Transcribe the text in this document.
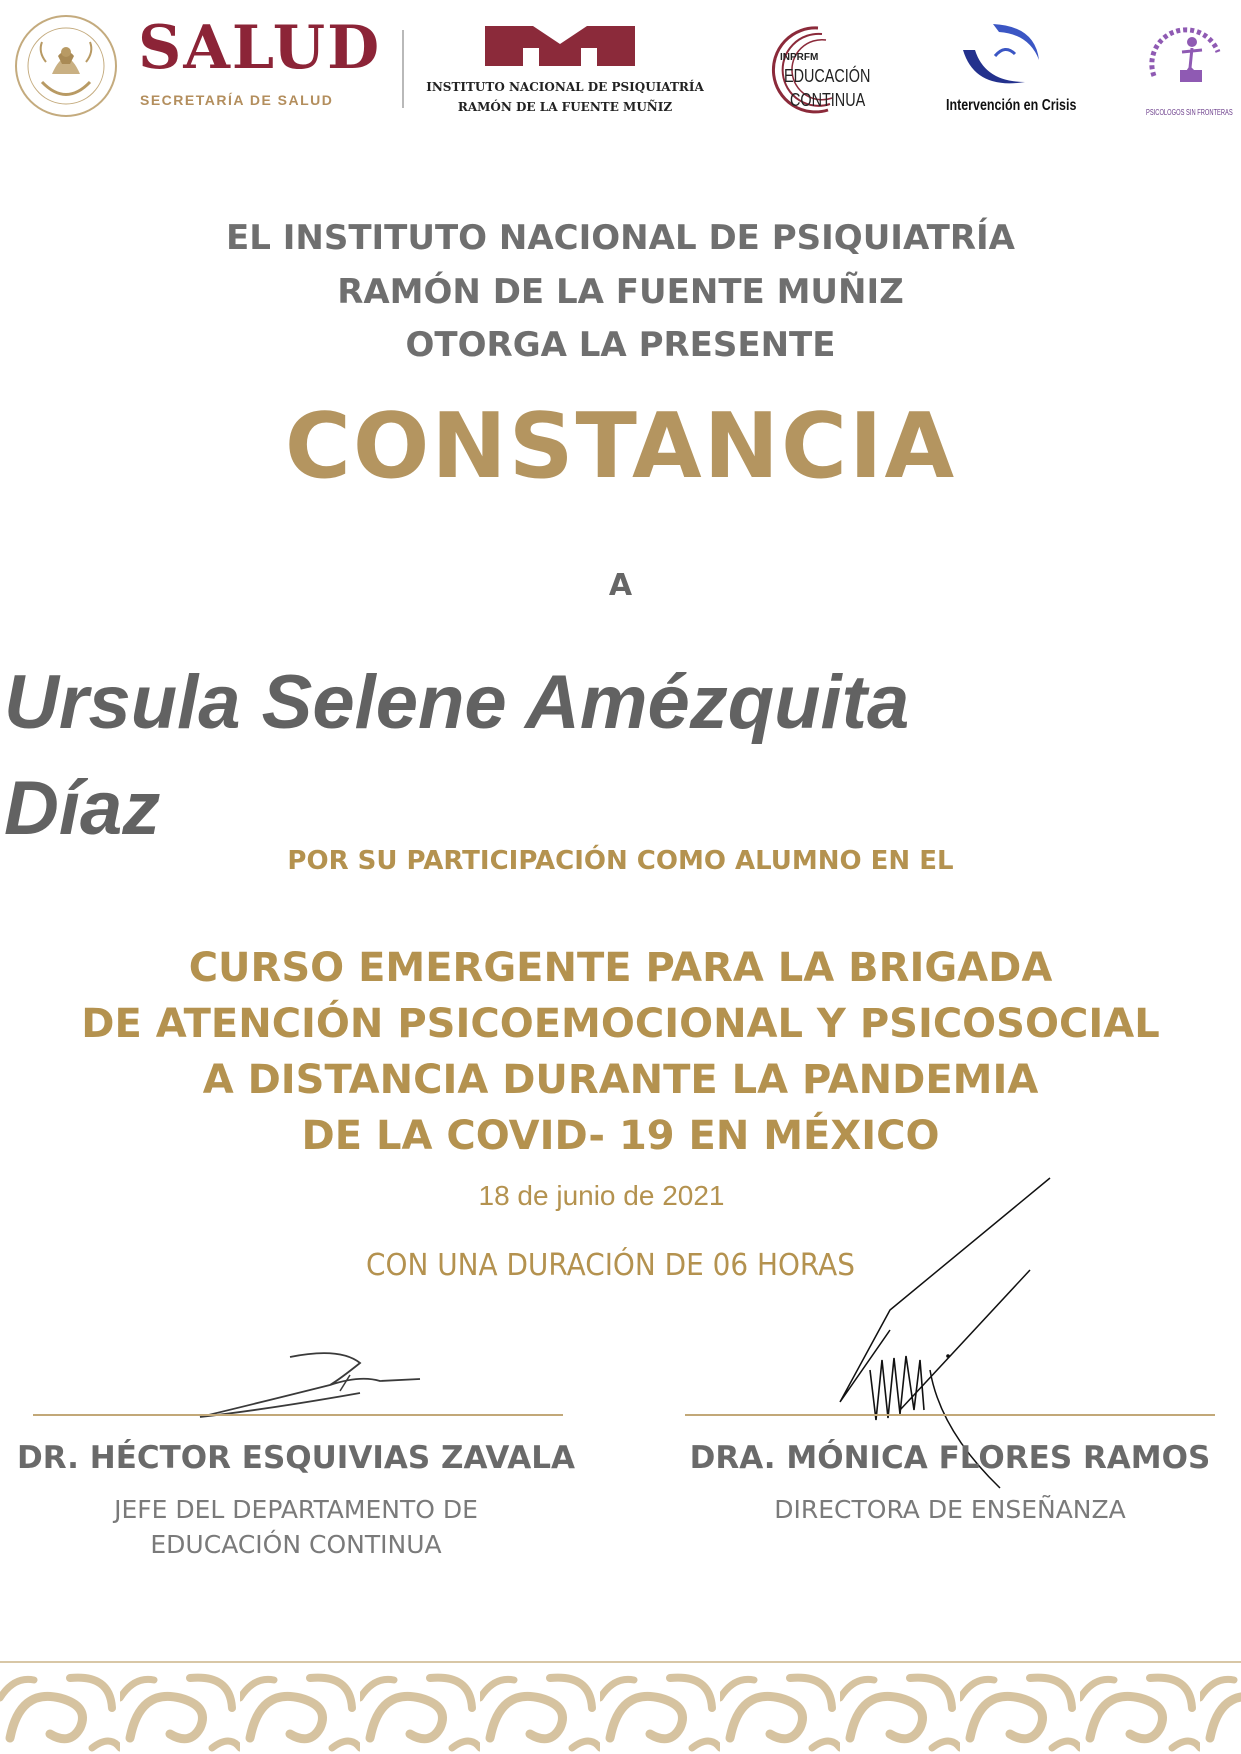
SALUD
SECRETARÍA DE SALUD
INSTITUTO NACIONAL DE PSIQUIATRÍA
RAMÓN DE LA FUENTE MUÑIZ
INPRFM
EDUCACIÓN
CONTINUA	Intervención en Crisis	PSICOLOGOS SIN FRONTERAS
EL INSTITUTO NACIONAL DE PSIQUIATRÍA
RAMÓN DE LA FUENTE MUÑIZ
OTORGA LA PRESENTE
CONSTANCIA
A
Ursula Selene Amézquita Díaz
POR SU PARTICIPACIÓN COMO ALUMNO EN EL
CURSO EMERGENTE PARA LA BRIGADA
DE ATENCIÓN PSICOEMOCIONAL Y PSICOSOCIAL
A DISTANCIA DURANTE LA PANDEMIA
DE LA COVID- 19 EN MÉXICO
18 de junio de 2021
CON UNA DURACIÓN DE 06 HORAS
DR. HÉCTOR ESQUIVIAS ZAVALA
JEFE DEL DEPARTAMENTO DE
EDUCACIÓN CONTINUA
DRA. MÓNICA FLORES RAMOS
DIRECTORA DE ENSEÑANZA
